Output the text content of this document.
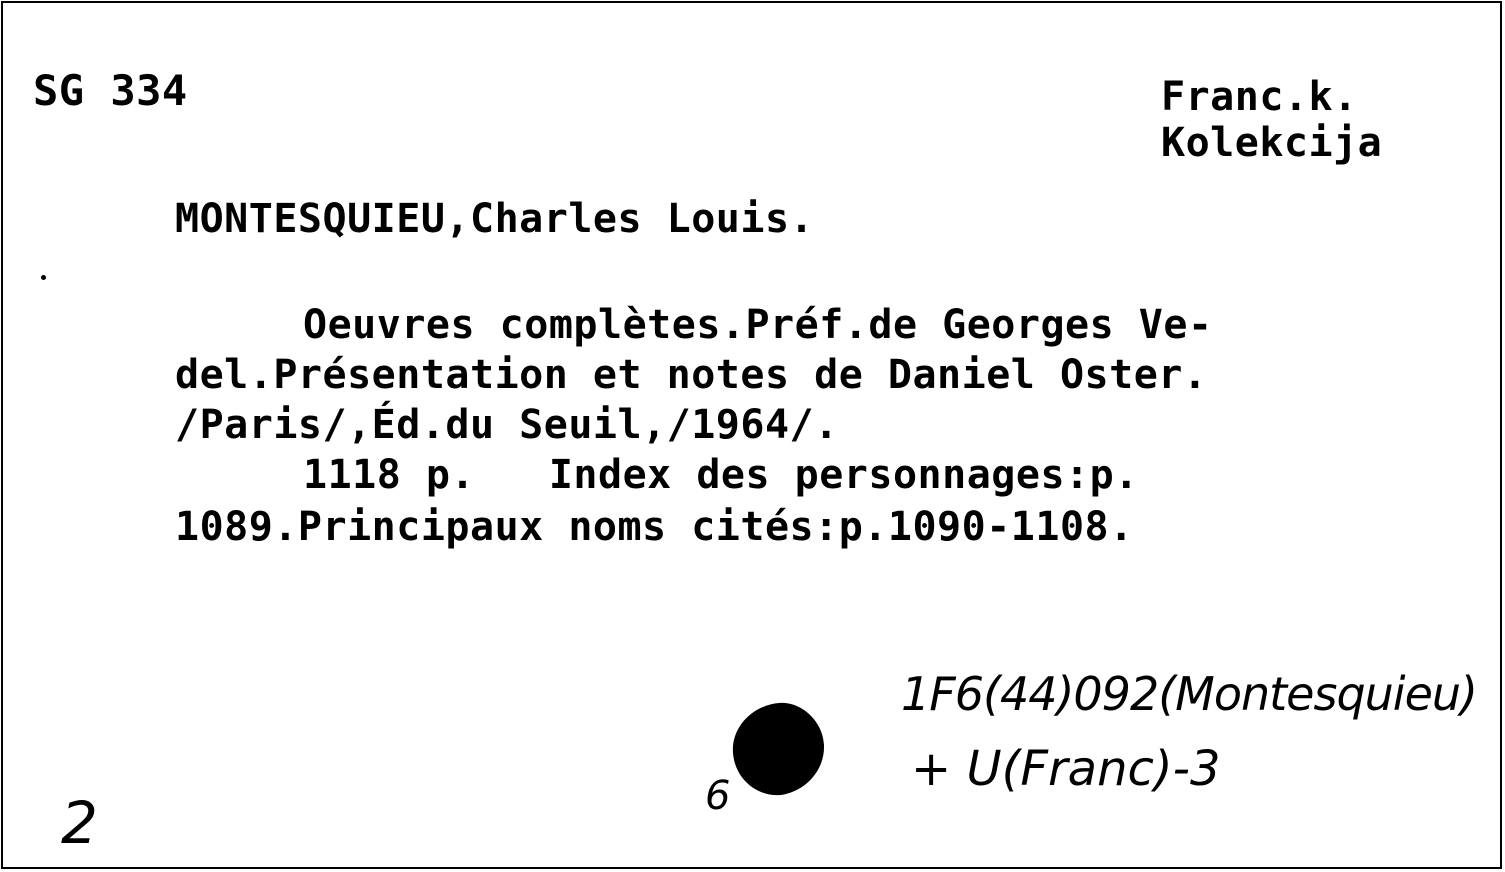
SG 334	Franc.k.
Kolekcija
MONTESQUIEU,Charles Louis.
Oeuvres complètes.Préf.de Georges Ve-
del.Présentation et notes de Daniel Oster.
/Paris/,Éd.du Seuil,/1964/.
1118 p.   Index des personnages:p.
1089.Principaux noms cités:p.1090-1108.
6
1F6(44)092(Montesquieu)
+ U(Franc)-3
2
